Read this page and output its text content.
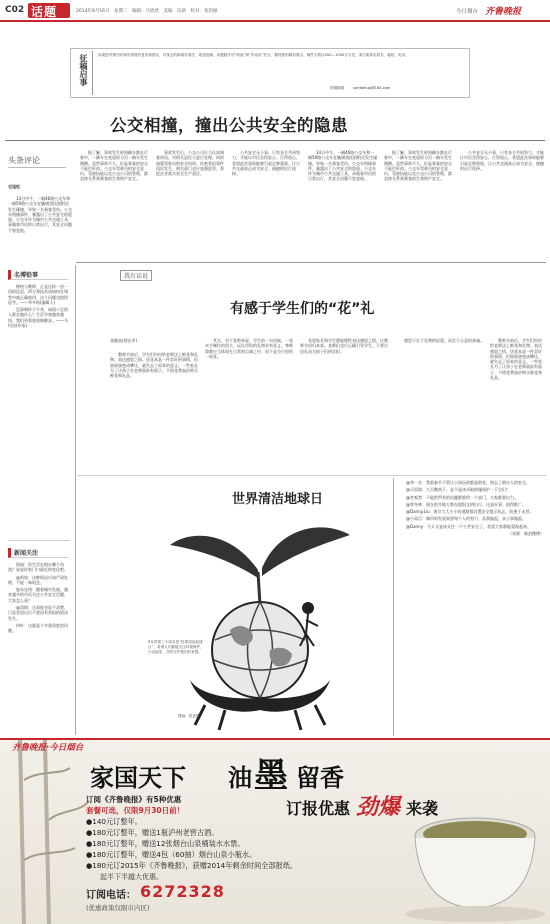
C02 话题	2014年9月16日　星期二　编辑：马欣欣　美编：伍新　校对：张钧丽	今日烟台 齐鲁晚报
征稿启事	如果您对烟台的城市管理有意见和建议，对身边的新闻有看法，欢迎投稿。话题版开设“阿福”和“有话说”栏目，期待您的精彩观点。稿件字数以500—1000字为宜，请注明真实姓名、地址、电话。
投稿邮箱： yantaihua@163.com
公交相撞，撞出公共安全的隐患
头条评论
毛旭松

14日中午，一辆46路公交车和一辆59路公交车在毓璜顶医院附近发生碰撞，导致一名乘客受伤。公交车相撞事件，暴露出了公共安全的隐患。公交车作为城市公共交通工具，承载着市民的日常出行，其安全问题不容忽视。

据了解，事故发生时两辆车都在行驶中，一辆车在变道时与另一辆车发生剐蹭。虽然事故不大，但是乘客的安全不能打折扣。公交车驾驶员的安全意识、驾驶技能以及公交公司的管理，都直接关系到乘客的生命财产安全。

事故发生后，公交公司应当认真调查原因，对相关责任人进行处理，同时加强驾驶员的安全培训，杜绝类似事件再次发生。相关部门也应加强监管，督促企业落实安全生产责任。

公共安全无小事，只有各方共同努力，才能让市民坐得安心、行得放心。希望此次事故能够引起足够重视，让公共交通真正成为安全、便捷的出行选择。

14日中午，一辆46路公交车和一辆59路公交车在毓璜顶医院附近发生碰撞，导致一名乘客受伤。公交车相撞事件，暴露出了公共安全的隐患。公交车作为城市公共交通工具，承载着市民的日常出行，其安全问题不容忽视。

据了解，事故发生时两辆车都在行驶中，一辆车在变道时与另一辆车发生剐蹭。虽然事故不大，但是乘客的安全不能打折扣。公交车驾驶员的安全意识、驾驶技能以及公交公司的管理，都直接关系到乘客的生命财产安全。

公共安全无小事，只有各方共同努力，才能让市民坐得安心、行得放心。希望此次事故能够引起足够重视，让公共交通真正成为安全、便捷的出行选择。

名博铅事

棒校与教师，正是这样一回一回的反思，两方将技术该如何在课堂中被正确使用，这个问题也值得思考。——李多铭(编辑人)

没事喝杯下午茶，闲情十足的人都在做什么？生活节奏越来越快，我们更需要放慢脚步。——马钧昌(作家)

新闻关注

阿福：你生活在烟台哪个角落？说说你家门口最近的变化吧。

@鸡肋：这种情况应该严肃处理，不能一味姑息。

胶东在线：随着城市发展，越来越多的市民关注公共安全话题，大家怎么看？

@淡烟：这事谁也说不清楚，只是希望以后不要再有类似的情况发生。

四叶：这就是个多重角度的问题。

我有话说
有感于学生们的“花”礼
张继高(烟台市)

教师节前后，学生们纷纷给老师送上鲜花和礼物，表达感恩之情。送花本是一件美好的事情，但如果演变成攀比，就失去了原本的意义。一些家长为了让孩子在老师面前有面子，不惜花费高价购买鲜花和礼品。

其实，对于老师来说，学生的一句问候、一张亲手制作的贺卡，远比昂贵的礼物更有意义。尊师重教应当体现在日常的点滴之中，而不是节日里的一束花。

希望家长和学生都能理性表达感恩之情，让教师节回归本真。老师们也应正确引导学生，不要让送礼成为孩子们的负担。

感恩不在于礼物的轻重，而在于心意的真诚。	教师节前后，学生们纷纷给老师送上鲜花和礼物，表达感恩之情。送花本是一件美好的事情，但如果演变成攀比，就失去了原本的意义。一些家长为了让孩子在老师面前有面子，不惜花费高价购买鲜花和礼品。

世界清洁地球日
9月的第三个周末是“世界清洁地球日”，希望人们都能关注环境保护，行动起来，共同守护我们的家园。
漫画：贺廷德

@李一凡：我看春节不管让小孩玩的都是烟花，别忘了烟台人的安全。

@天雨落：大天鹅南下，是不是该采取措施保护一下它们？

@旁观者：不能把所有的问题都推给一个部门，大家都要出力。

@荣冬林：现在很多地方都在提倡文明出行，这是好事，值得推广。

@Danny.Liu：建议大大小小的道路都设置安全提示标志，防患于未然。

@小雨点：城市的发展需要每个人的努力，从我做起，从小事做起。

@Danny：今天又是该关注一下公共安全了，希望大家都能重视起来。

（来源：新浪微博）

齐鲁晚报·今日烟台
家国天下 油 墨 留香
订报优惠 劲爆 来袭
订阅《齐鲁晚报》有5种优惠
套餐可选，仅限9月30日前！
●140元订整年。
●180元订整年，赠送1瓶泸州老窖古酒。
●180元订整年，赠送12张烟台山泉桶装水水票。
●180元订整年，赠送4包（60抽）烟台山泉小瓶水。
●180元订2015年《齐鲁晚报》，获赠2014年剩余时间全部报纸。
起半下半越大优惠。
订阅电话： 6272328
(优惠政策仅限市内区)
